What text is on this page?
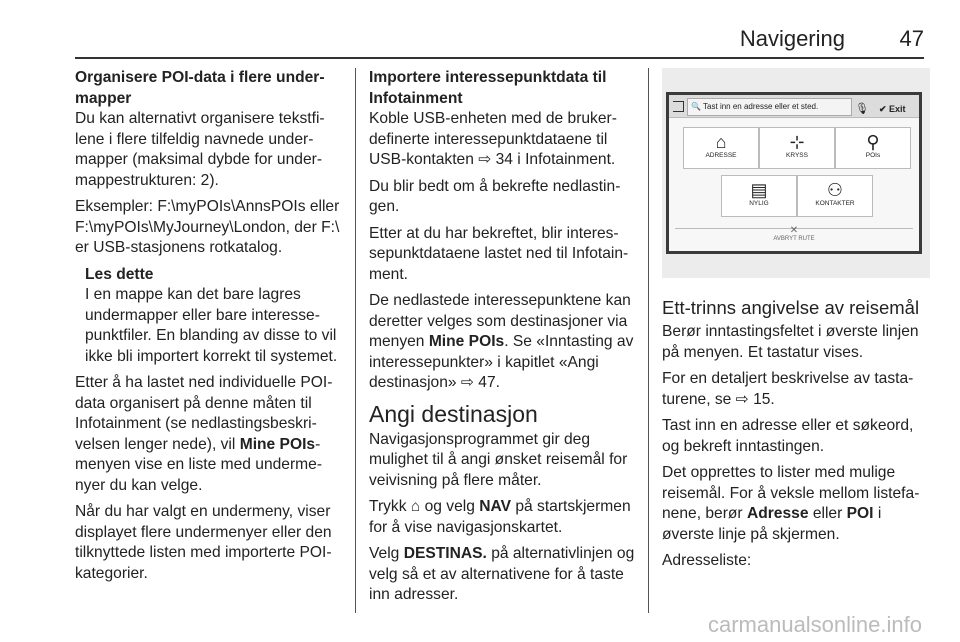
Navigering 47
Organisere POI-data i flere undermapper

Du kan alternativt organisere tekstfilene i flere tilfeldig navnede undermapper (maksimal dybde for undermappestrukturen: 2).

Eksempler: F:\myPOIs\AnnsPOIs eller F:\myPOIs\MyJourney\London, der F:\ er USB-stasjonens rotkatalog.

Les dette
I en mappe kan det bare lagres undermapper eller bare interessepunktfiler. En blanding av disse to vil ikke bli importert korrekt til systemet.

Etter å ha lastet ned individuelle POI-data organisert på denne måten til Infotainment (se nedlastingsbeskrivelsen lenger nede), vil Mine POIs-menyen vise en liste med undermenyer du kan velge.

Når du har valgt en undermeny, viser displayet flere undermenyer eller den tilknyttede listen med importerte POI-kategorier.

Importere interessepunktdata til Infotainment

Koble USB-enheten med de brukerdefinerte interessepunktdataene til USB-kontakten ⇨ 34 i Infotainment.

Du blir bedt om å bekrefte nedlastingen.

Etter at du har bekreftet, blir interessepunktdataene lastet ned til Infotainment.

De nedlastede interessepunktene kan deretter velges som destinasjoner via menyen Mine POIs. Se «Inntasting av interessepunkter» i kapitlet «Angi destinasjon» ⇨ 47.

Angi destinasjon

Navigasjonsprogrammet gir deg mulighet til å angi ønsket reisemål for veivisning på flere måter.

Trykk ⌂ og velg NAV på startskjermen for å vise navigasjonskartet.

Velg DESTINAS. på alternativlinjen og velg så et av alternativene for å taste inn adresser.

🔍 Tast inn en adresse eller et sted.	🎙 ✔ Exit
⌂
ADRESSE
⊹
KRYSS
⚲
POIs
▤
NYLIG
⚇
KONTAKTER
✕
AVBRYT RUTE
Ett-trinns angivelse av reisemål

Berør inntastingsfeltet i øverste linjen på menyen. Et tastatur vises.

For en detaljert beskrivelse av tastaturene, se ⇨ 15.

Tast inn en adresse eller et søkeord, og bekreft inntastingen.

Det opprettes to lister med mulige reisemål. For å veksle mellom listefanene, berør Adresse eller POI i øverste linje på skjermen.

Adresseliste:

carmanualsonline.info
